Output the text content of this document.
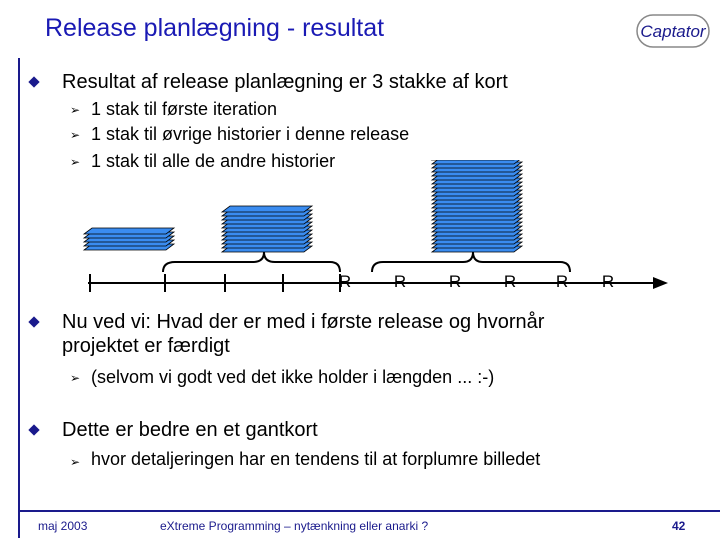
Release planlægning - resultat	Captator
Resultat af release planlægning er 3 stakke af kort
➢ 1 stak til første iteration
➢ 1 stak til øvrige historier i denne release
➢ 1 stak til alle de andre historier
R	R	R	R R R
Nu ved vi: Hvad der er med i første release og hvornår
projektet er færdigt
➢ (selvom vi godt ved det ikke holder i længden ... :-)
Dette er bedre en et gantkort
➢ hvor detaljeringen har en tendens til at forplumre billedet
maj 2003	eXtreme Programming – nytænkning eller anarki ?	42
